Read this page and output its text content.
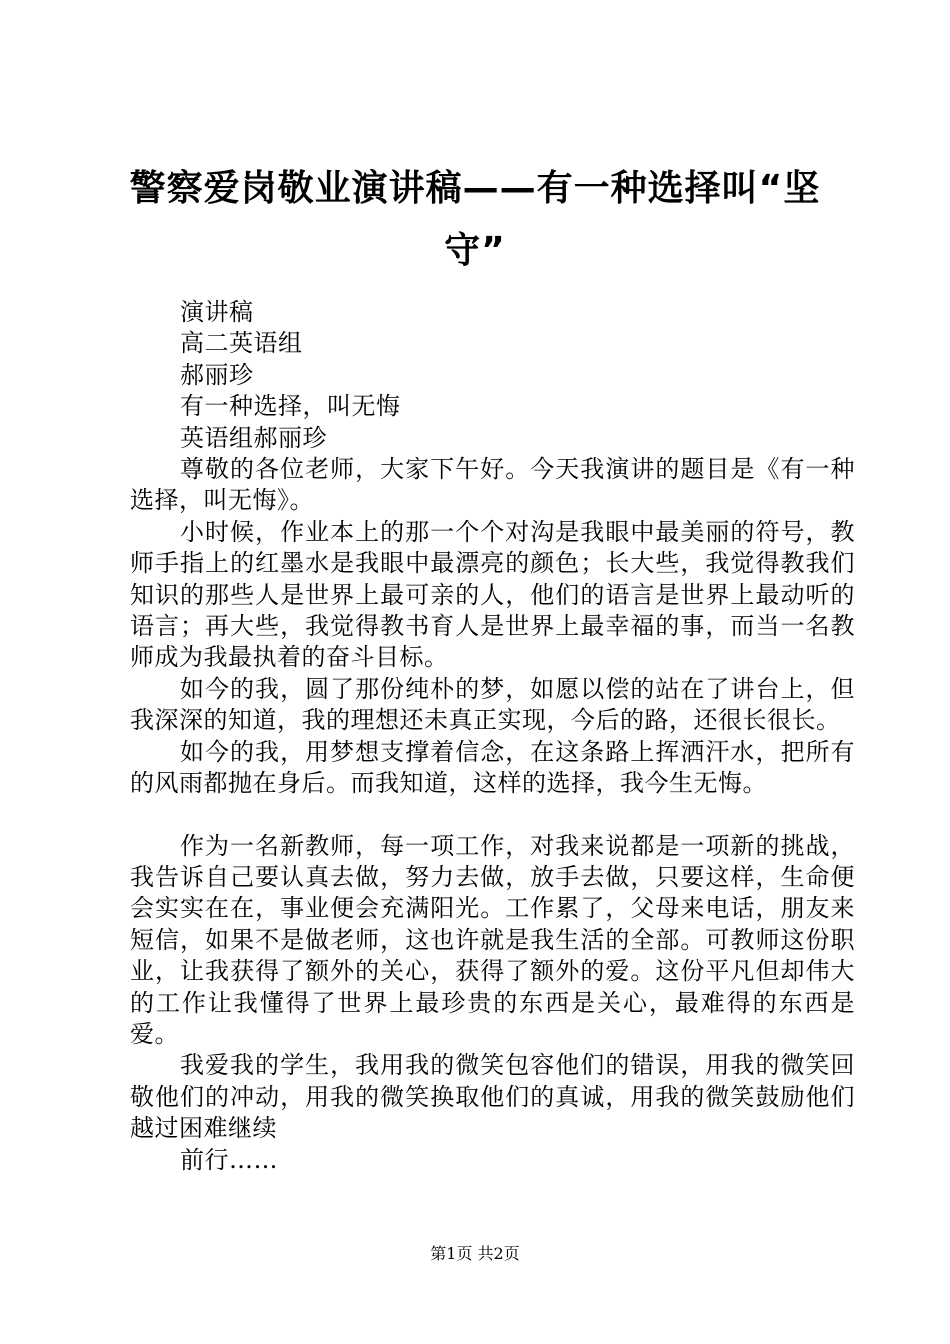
警察爱岗敬业演讲稿——有一种选择叫“坚守”

演讲稿

高二英语组

郝丽珍

有一种选择，叫无悔

英语组郝丽珍

尊敬的各位老师，大家下午好。今天我演讲的题目是《有一种选择，叫无悔》。

小时候，作业本上的那一个个对沟是我眼中最美丽的符号，教师手指上的红墨水是我眼中最漂亮的颜色；长大些，我觉得教我们知识的那些人是世界上最可亲的人，他们的语言是世界上最动听的语言；再大些，我觉得教书育人是世界上最幸福的事，而当一名教师成为我最执着的奋斗目标。

如今的我，圆了那份纯朴的梦，如愿以偿的站在了讲台上，但我深深的知道，我的理想还未真正实现，今后的路，还很长很长。

如今的我，用梦想支撑着信念，在这条路上挥洒汗水，把所有的风雨都抛在身后。而我知道，这样的选择，我今生无悔。

作为一名新教师，每一项工作，对我来说都是一项新的挑战，我告诉自己要认真去做，努力去做，放手去做，只要这样，生命便会实实在在，事业便会充满阳光。工作累了，父母来电话，朋友来短信，如果不是做老师，这也许就是我生活的全部。可教师这份职业，让我获得了额外的关心，获得了额外的爱。这份平凡但却伟大的工作让我懂得了世界上最珍贵的东西是关心，最难得的东西是爱。

我爱我的学生，我用我的微笑包容他们的错误，用我的微笑回敬他们的冲动，用我的微笑换取他们的真诚，用我的微笑鼓励他们越过困难继续

前行……

第1页 共2页
